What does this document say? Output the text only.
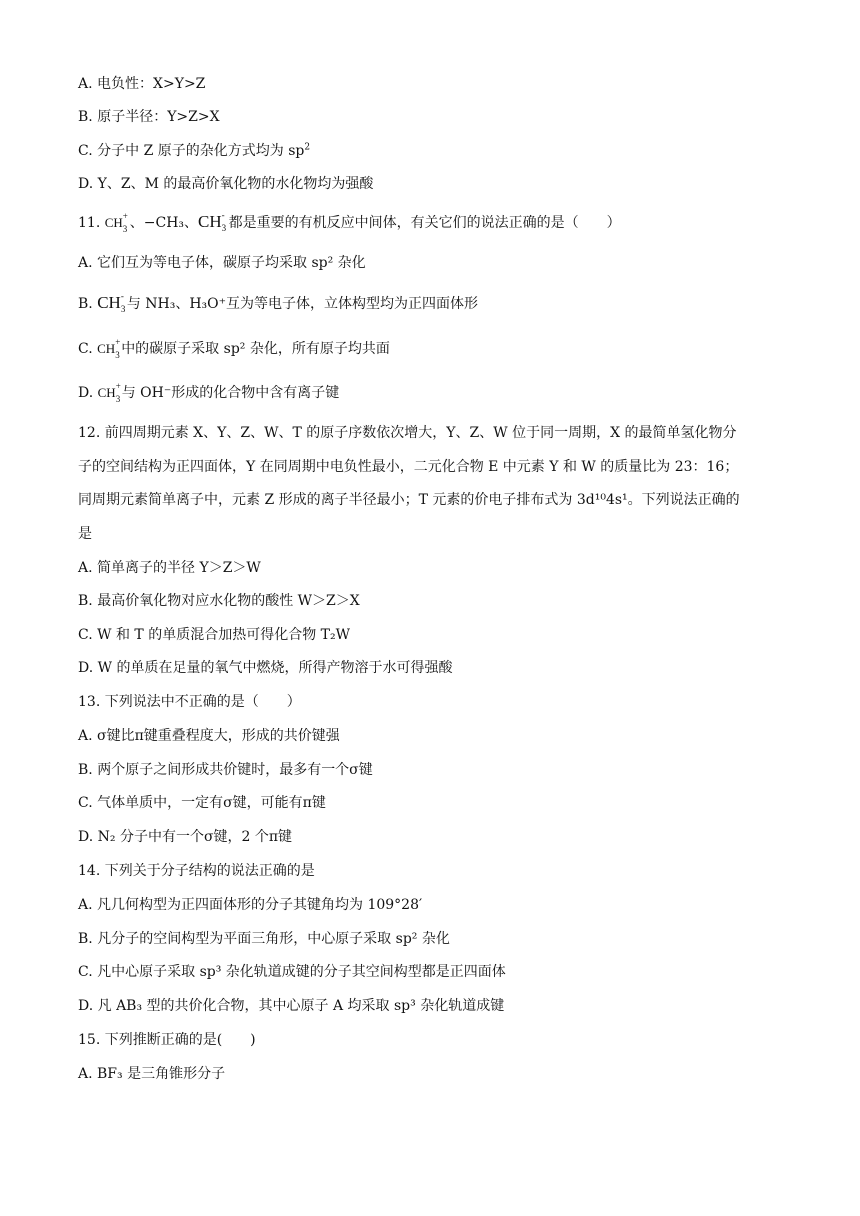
A. 电负性：X>Y>Z
B. 原子半径：Y>Z>X
C. 分子中 Z 原子的杂化方式均为 $sp^2$
D. Y、Z、M 的最高价氧化物的水化物均为强酸
11. CH +
3 、−CH₃、CH -
3 都是重要的有机反应中间体，有关它们的说法正确的是（　　）
A. 它们互为等电子体，碳原子均采取 sp² 杂化
B. CH -
3 与 NH₃、H₃O⁺互为等电子体，立体构型均为正四面体形
C. CH +
3 中的碳原子采取 sp² 杂化，所有原子均共面
D. CH +
3 与 OH⁻形成的化合物中含有离子键
12. 前四周期元素 X、Y、Z、W、T 的原子序数依次增大，Y、Z、W 位于同一周期，X 的最简单氢化物分
子的空间结构为正四面体，Y 在同周期中电负性最小，二元化合物 E 中元素 Y 和 W 的质量比为 23：16；
同周期元素简单离子中，元素 Z 形成的离子半径最小；T 元素的价电子排布式为 3d¹⁰4s¹。下列说法正确的
是
A. 简单离子的半径 Y＞Z＞W
B. 最高价氧化物对应水化物的酸性 W＞Z＞X
C. W 和 T 的单质混合加热可得化合物 T₂W
D. W 的单质在足量的氧气中燃烧，所得产物溶于水可得强酸
13. 下列说法中不正确的是（　　）
A. σ键比π键重叠程度大，形成的共价键强
B. 两个原子之间形成共价键时，最多有一个σ键
C. 气体单质中，一定有σ键，可能有π键
D. N₂ 分子中有一个σ键，2 个π键
14. 下列关于分子结构的说法正确的是
A. 凡几何构型为正四面体形的分子其键角均为 109°28′
B. 凡分子的空间构型为平面三角形，中心原子采取 sp² 杂化
C. 凡中心原子采取 sp³ 杂化轨道成键的分子其空间构型都是正四面体
D. 凡 AB₃ 型的共价化合物，其中心原子 A 均采取 sp³ 杂化轨道成键
15. 下列推断正确的是(　　)
A. BF₃ 是三角锥形分子
